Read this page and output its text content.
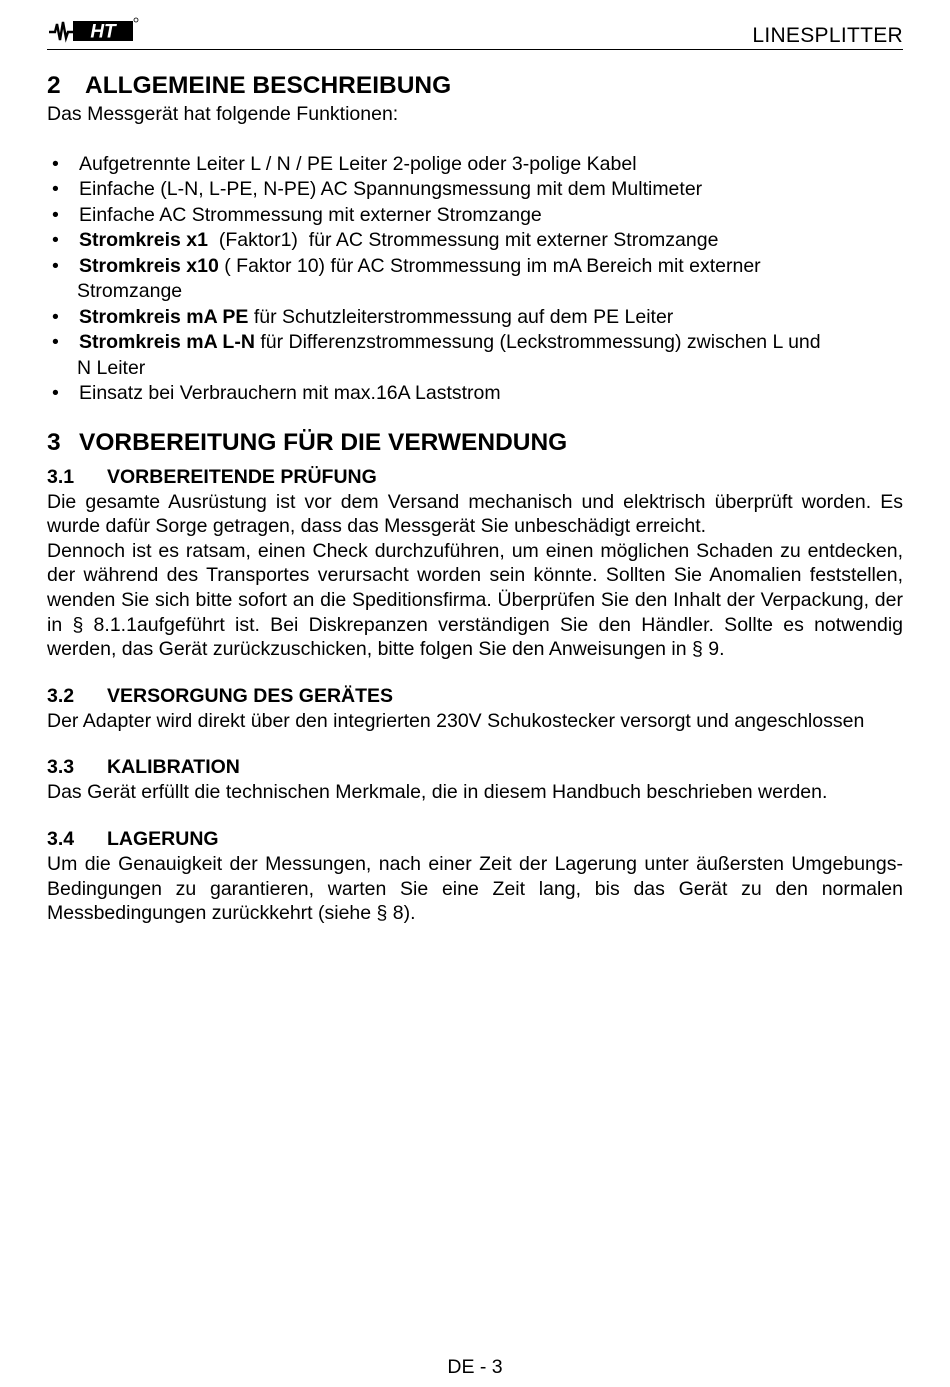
HT	LINESPLITTER
2 ALLGEMEINE BESCHREIBUNG

Das Messgerät hat folgende Funktionen:

• Aufgetrennte Leiter L / N / PE Leiter 2-polige oder 3-polige Kabel
• Einfache (L-N, L-PE, N-PE) AC Spannungsmessung mit dem Multimeter
• Einfache AC Strommessung mit externer Stromzange
• Stromkreis x1  (Faktor1)  für AC Strommessung mit externer Stromzange
• Stromkreis x10 ( Faktor 10) für AC Strommessung im mA Bereich mit externer
Stromzange
• Stromkreis mA PE für Schutzleiterstrommessung auf dem PE Leiter
• Stromkreis mA L-N für Differenzstrommessung (Leckstrommessung) zwischen L und
N Leiter
• Einsatz bei Verbrauchern mit max.16A Laststrom
3 VORBEREITUNG FÜR DIE VERWENDUNG
3.1 VORBEREITENDE PRÜFUNG

Die gesamte Ausrüstung ist vor dem Versand mechanisch und elektrisch überprüft worden. Es wurde dafür Sorge getragen, dass das Messgerät Sie unbeschädigt erreicht.

Dennoch ist es ratsam, einen Check durchzuführen, um einen möglichen Schaden zu entdecken, der während des Transportes verursacht worden sein könnte. Sollten Sie Anomalien feststellen, wenden Sie sich bitte sofort an die Speditionsfirma. Überprüfen Sie den Inhalt der Verpackung, der in § 8.1.1aufgeführt ist. Bei Diskrepanzen verständigen Sie den Händler. Sollte es notwendig werden, das Gerät zurückzuschicken, bitte folgen Sie den Anweisungen in § 9.

3.2 VERSORGUNG DES GERÄTES

Der Adapter wird direkt über den integrierten 230V Schukostecker versorgt und angeschlossen

3.3 KALIBRATION

Das Gerät erfüllt die technischen Merkmale, die in diesem Handbuch beschrieben werden.

3.4 LAGERUNG

Um die Genauigkeit der Messungen, nach einer Zeit der Lagerung unter äußersten Umgebungs-Bedingungen zu garantieren, warten Sie eine Zeit lang, bis das Gerät zu den normalen Messbedingungen zurückkehrt (siehe § 8).

DE - 3
